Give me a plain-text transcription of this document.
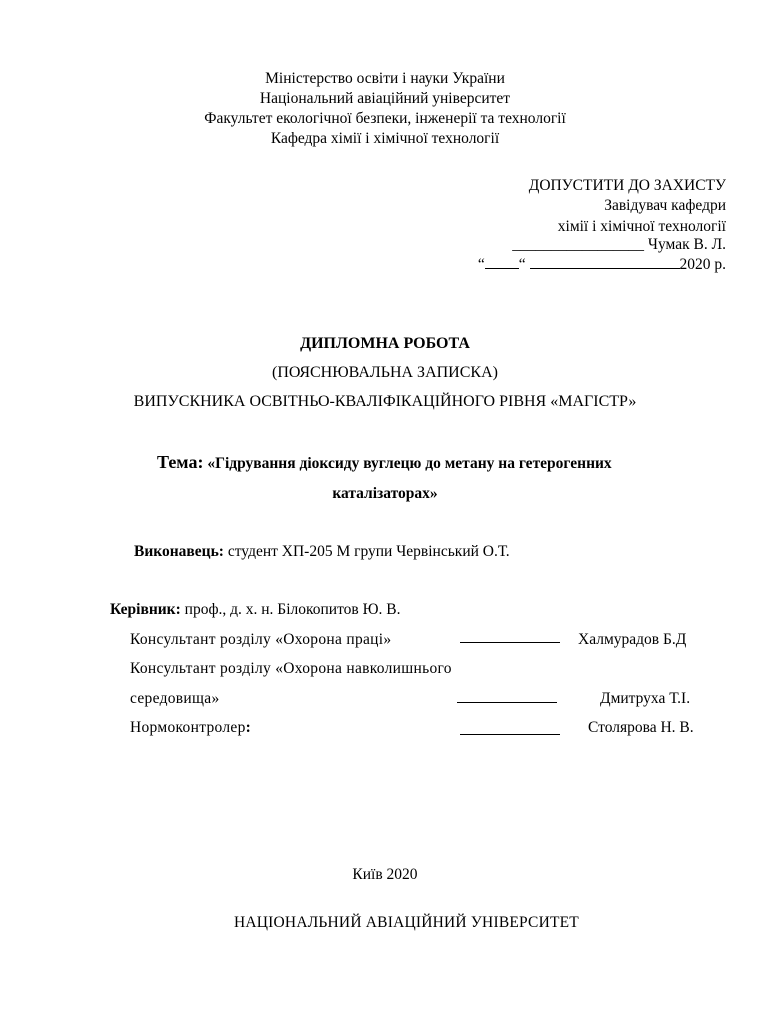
Міністерство освіти і науки України
Національний авіаційний університет
Факультет екологічної безпеки, інженерії та технології
Кафедра хімії і хімічної технології
ДОПУСТИТИ ДО ЗАХИСТУ
Завідувач кафедри
хімії і хімічної технології
_________________ Чумак В. Л.
“ “	2020 р.
ДИПЛОМНА РОБОТА
(ПОЯСНЮВАЛЬНА ЗАПИСКА)
ВИПУСКНИКА ОСВІТНЬО-КВАЛІФІКАЦІЙНОГО РІВНЯ «МАГІСТР»
Тема: «Гідрування діоксиду вуглецю до метану на гетерогенних
каталізаторах»
Виконавець: студент ХП-205 М групи Червінський О.Т.
Керівник: проф., д. х. н. Білокопитов Ю. В.
Консультант розділу «Охорона праці»	Халмурадов Б.Д
Консультант розділу «Охорона навколишнього
середовища»	Дмитруха Т.І.
Нормоконтролер:	Столярова Н. В.
Київ 2020
НАЦІОНАЛЬНИЙ АВІАЦІЙНИЙ УНІВЕРСИТЕТ
